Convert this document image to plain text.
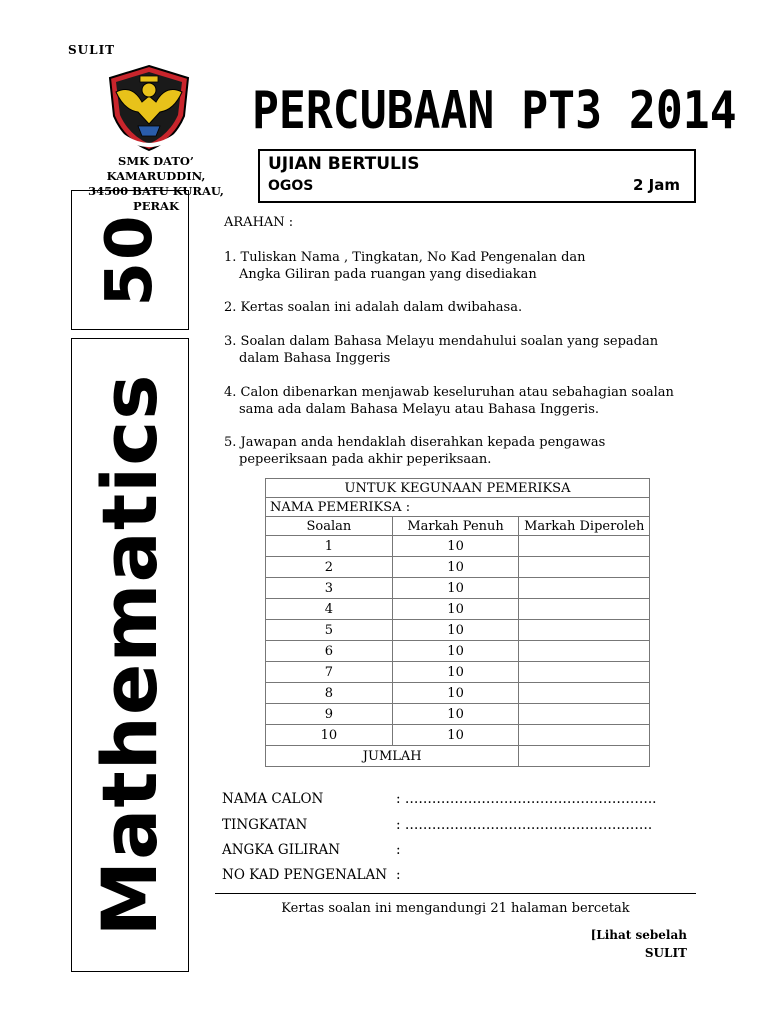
SULIT
SMK DATO’ KAMARUDDIN,
34500 BATU KURAU, PERAK
PERCUBAAN PT3 2014
UJIAN BERTULIS
OGOS	2 Jam
50
Mathematics
ARAHAN :
1. Tuliskan Nama , Tingkatan, No Kad Pengenalan dan
Angka Giliran pada ruangan yang disediakan
2. Kertas soalan ini adalah dalam dwibahasa.
3. Soalan dalam Bahasa Melayu mendahului soalan yang sepadan
dalam Bahasa Inggeris
4. Calon dibenarkan menjawab keseluruhan atau sebahagian soalan
sama ada dalam Bahasa Melayu atau Bahasa Inggeris.
5. Jawapan anda hendaklah diserahkan kepada pengawas
pepeeriksaan pada akhir peperiksaan.
UNTUK KEGUNAAN PEMERIKSA		
NAMA PEMERIKSA :		
Soalan	Markah Penuh	Markah Diperoleh
1	10	
2	10	
3	10	
4	10	
5	10	
6	10	
7	10	
8	10	
9	10	
10	10	
JUMLAH		
NAMA CALON	: ………………………………………………..
TINGKATAN	: ……………………………………………….
ANGKA GILIRAN	:
NO KAD PENGENALAN :
Kertas soalan ini mengandungi 21 halaman bercetak
[Lihat sebelah
SULIT
